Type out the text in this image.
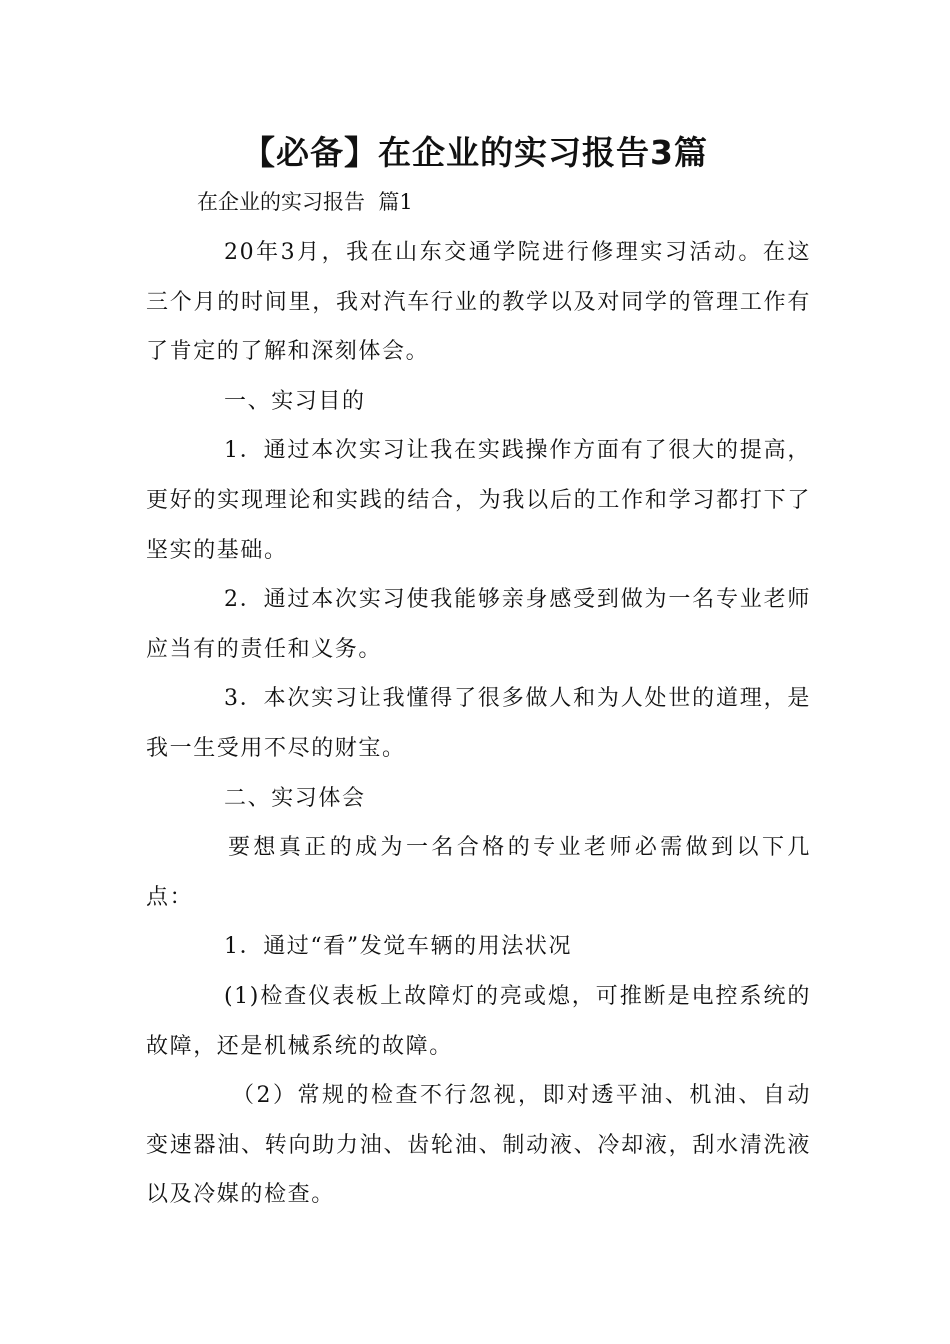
【必备】在企业的实习报告3篇

在企业的实习报告  篇1

20年3月，我在山东交通学院进行修理实习活动。在这三个月的时间里，我对汽车行业的教学以及对同学的管理工作有了肯定的了解和深刻体会。

一、实习目的

1．通过本次实习让我在实践操作方面有了很大的提高，更好的实现理论和实践的结合，为我以后的工作和学习都打下了坚实的基础。

2．通过本次实习使我能够亲身感受到做为一名专业老师应当有的责任和义务。

3．本次实习让我懂得了很多做人和为人处世的道理，是我一生受用不尽的财宝。

二、实习体会

要想真正的成为一名合格的专业老师必需做到以下几点：

1．通过“看”发觉车辆的用法状况

(1)检查仪表板上故障灯的亮或熄，可推断是电控系统的故障，还是机械系统的故障。

（2）常规的检查不行忽视，即对透平油、机油、自动变速器油、转向助力油、齿轮油、制动液、冷却液，刮水清洗液以及冷媒的检查。
